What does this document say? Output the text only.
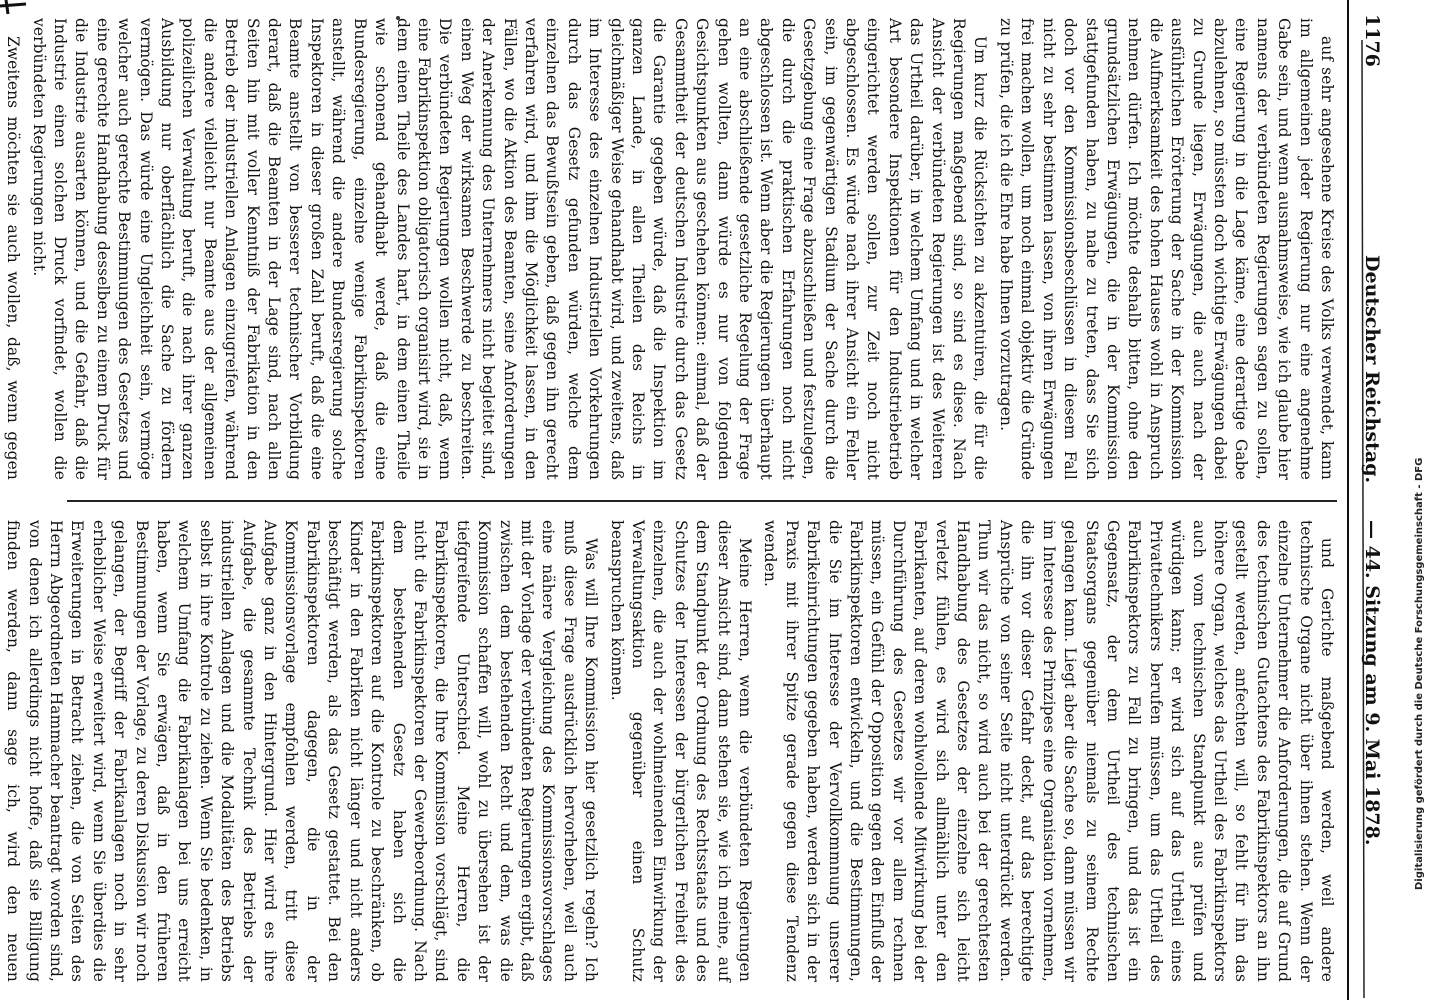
1176
Deutscher Reichstag.
— 44. Sitzung am 9. Mai 1878.

auf sehr angesehene Kreise des Volks verwendet, kann im allgemeinen jeder Regierung nur eine angenehme Gabe sein, und wenn ausnahmsweise, wie ich glaube hier namens der verbündeten Regierungen sagen zu sollen, eine Regierung in die Lage käme, eine derartige Gabe abzulehnen, so müssten doch wichtige Erwägungen dabei zu Grunde liegen, Erwägungen, die auch nach der ausführlichen Erörterung der Sache in der Kommission die Aufmerksamkeit des hohen Hauses wohl in Anspruch nehmen dürfen. Ich möchte deshalb bitten, ohne den grundsätzlichen Erwägungen, die in der Kommission stattgefunden haben, zu nahe zu treten, dass Sie sich doch vor den Kommissionsbeschlüssen in diesem Fall nicht zu sehr bestimmen lassen, von ihren Erwägungen frei machen wollen, um noch einmal objektiv die Gründe zu prüfen, die ich die Ehre habe Ihnen vorzutragen.

Um kurz die Rücksichten zu akzentuiren, die für die Regierungen maßgebend sind, so sind es diese. Nach Ansicht der verbündeten Regierungen ist des Weiteren das Urtheil darüber, in welchem Umfang und in welcher Art besondere Inspektionen für den Industriebetrieb eingerichtet werden sollen, zur Zeit noch nicht abgeschlossen. Es würde nach ihrer Ansicht ein Fehler sein, im gegenwärtigen Stadium der Sache durch die Gesetzgebung eine Frage abzuschließen und festzulegen, die durch die praktischen Erfahrungen noch nicht abgeschlossen ist. Wenn aber die Regierungen überhaupt an eine abschließende gesetzliche Regelung der Frage gehen wollten, dann würde es nur von folgenden Gesichtspunkten aus geschehen können: einmal, daß der Gesammtheit der deutschen Industrie durch das Gesetz die Garantie gegeben würde, daß die Inspektion im ganzen Lande, in allen Theilen des Reichs in gleichmäßiger Weise gehandhabt wird, und zweitens, daß im Interesse des einzelnen Industriellen Vorkehrungen durch das Gesetz gefunden würden, welche dem einzelnen das Bewußtsein geben, daß gegen ihn gerecht verfahren wird, und ihm die Möglichkeit lassen, in den Fällen, wo die Aktion des Beamten, seine Anforderungen der Anerkennung des Unternehmers nicht begleitet sind, einen Weg der wirksamen Beschwerde zu beschreiten. Die verbündeten Regierungen wollen nicht, daß, wenn eine Fabrikinspektion obligatorisch organisirt wird, sie in dem einen Theile des Landes hart, in dem einen Theile wie schonend gehandhabt werde, daß die eine Bundesregierung, einzelne wenige Fabrikinspektoren anstellt, während die andere Bundesregierung solche Inspektoren in dieser großen Zahl beruft, daß die eine Beamte anstellt von besserer technischer Vorbildung derart, daß die Beamten in der Lage sind, nach allen Seiten hin mit voller Kenntniß der Fabrikation in den Betrieb der industriellen Anlagen einzugreifen, während die andere vielleicht nur Beamte aus der allgemeinen polizeilichen Verwaltung beruft, die nach ihrer ganzen Ausbildung nur oberflächlich die Sache zu fördern vermögen. Das würde eine Ungleichheit sein, vermöge welcher auch gerechte Bestimmungen des Gesetzes und eine gerechte Handhabung desselben zu einem Druck für die Industrie ausarten können, und die Gefahr, daß die Industrie einen solchen Druck vorfindet, wollen die verbündeten Regierungen nicht.

Zweitens möchten sie auch wollen, daß, wenn gegen

und Gerichte maßgebend werden, weil andere technische Organe nicht über ihnen stehen. Wenn der einzelne Unternehmer die Anforderungen, die auf Grund des technischen Gutachtens des Fabrikinspektors an ihn gestellt werden, anfechten will, so fehlt für ihn das höhere Organ, welches das Urtheil des Fabrikinspektors auch vom technischen Standpunkt aus prüfen und würdigen kann; er wird sich auf das Urtheil eines Privattechnikers berufen müssen, um das Urtheil des Fabrikinspektors zu Fall zu bringen, und das ist ein Gegensatz, der dem Urtheil des technischen Staatsorgans gegenüber niemals zu seinem Rechte gelangen kann. Liegt aber die Sache so, dann müssen wir im Interesse des Prinzipes eine Organisation vornehmen, die ihn vor dieser Gefahr deckt, auf das berechtigte Ansprüche von seiner Seite nicht unterdrückt werden. Thun wir das nicht, so wird auch bei der gerechtesten Handhabung des Gesetzes der einzelne sich leicht verletzt fühlen, es wird sich allmählich unter den Fabrikanten, auf deren wohlwollende Mitwirkung bei der Durchführung des Gesetzes wir vor allem rechnen müssen, ein Gefühl der Opposition gegen den Einfluß der Fabrikinspektoren entwickeln, und die Bestimmungen, die Sie im Interesse der Vervollkommnung unserer Fabrikeinrichtungen gegeben haben, werden sich in der Praxis mit ihrer Spitze gerade gegen diese Tendenz wenden.

Meine Herren, wenn die verbündeten Regierungen dieser Ansicht sind, dann stehen sie, wie ich meine, auf dem Standpunkt der Ordnung des Rechtsstaats und des Schutzes der Interessen der bürgerlichen Freiheit des einzelnen, die auch der wohlmeinenden Einwirkung der Verwaltungsaktion gegenüber einen Schutz beanspruchen können.

Was will Ihre Kommission hier gesetzlich regeln? Ich muß diese Frage ausdrücklich hervorheben, weil auch eine nähere Vergleichung des Kommissionsvorschlages mit der Vorlage der verbündeten Regierungen ergibt, daß zwischen dem bestehenden Recht und dem, was die Kommission schaffen will, wohl zu übersehen ist der tiefgreifende Unterschied. Meine Herren, die Fabrikinspektoren, die Ihre Kommission vorschlägt, sind nicht die Fabrikinspektoren der Gewerbeordnung. Nach dem bestehenden Gesetz haben sich die Fabrikinspektoren auf die Kontrole zu beschränken, ob Kinder in den Fabriken nicht länger und nicht anders beschäftigt werden, als das Gesetz gestattet. Bei den Fabrikinspektoren dagegen, die in der Kommissionsvorlage empfohlen werden, tritt diese Aufgabe ganz in den Hintergrund. Hier wird es ihre Aufgabe, die gesammte Technik des Betriebs der industriellen Anlagen und die Modalitäten des Betriebs selbst in ihre Kontrole zu ziehen. Wenn Sie bedenken, in welchem Umfang die Fabrikanlagen bei uns erreicht haben, wenn Sie erwägen, daß in den früheren Bestimmungen der Vorlage, zu deren Diskussion wir noch gelangen, der Begriff der Fabrikanlagen noch in sehr erheblicher Weise erweitert wird, wenn Sie überdies die Erweiterungen in Betracht ziehen, die von Seiten des Herrn Abgeordneten Hammacher beantragt worden sind, von denen ich allerdings nicht hoffe, daß sie Billigung finden werden, dann sage ich, wird den neuen

Digitalisierung gefördert durch die Deutsche Forschungsgemeinschaft - DFG
